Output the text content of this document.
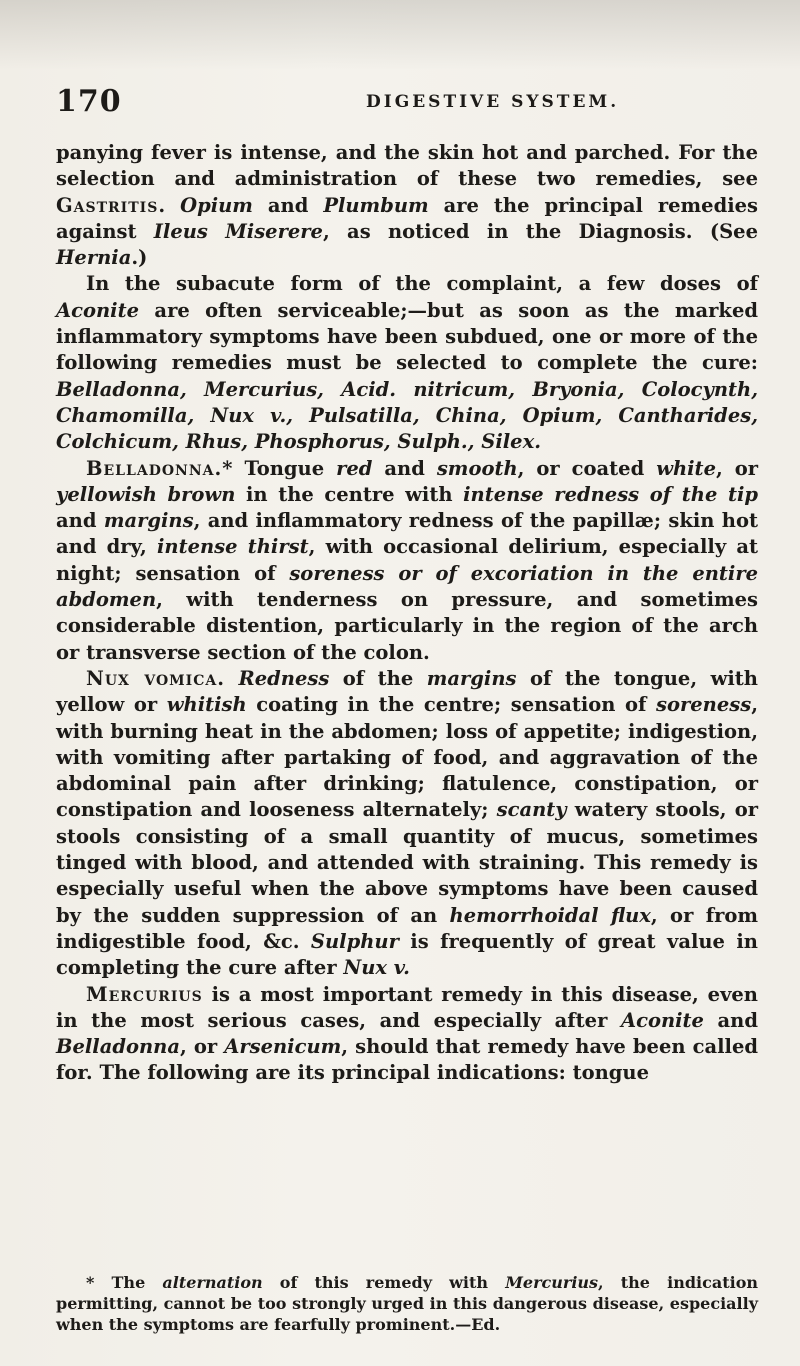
170	DIGESTIVE SYSTEM.

panying fever is intense, and the skin hot and parched. For the selection and administration of these two remedies, see Gastritis. Opium and Plumbum are the principal remedies against Ileus Miserere, as noticed in the Diagnosis. (See Hernia.)

In the subacute form of the complaint, a few doses of Aconite are often serviceable;—but as soon as the marked inflammatory symptoms have been subdued, one or more of the following remedies must be selected to complete the cure: Belladonna, Mercurius, Acid. nitricum, Bryonia, Colocynth, Chamomilla, Nux v., Pulsatilla, China, Opium, Cantharides, Colchicum, Rhus, Phosphorus, Sulph., Silex.

Belladonna.* Tongue red and smooth, or coated white, or yellowish brown in the centre with intense redness of the tip and margins, and inflammatory redness of the papillæ; skin hot and dry, intense thirst, with occasional delirium, especially at night; sensation of soreness or of excoriation in the entire abdomen, with tenderness on pressure, and sometimes considerable distention, particularly in the region of the arch or transverse section of the colon.

Nux vomica. Redness of the margins of the tongue, with yellow or whitish coating in the centre; sensation of soreness, with burning heat in the abdomen; loss of appetite; indigestion, with vomiting after partaking of food, and aggravation of the abdominal pain after drinking; flatulence, constipation, or constipation and looseness alternately; scanty watery stools, or stools consisting of a small quantity of mucus, sometimes tinged with blood, and attended with straining. This remedy is especially useful when the above symptoms have been caused by the sudden suppression of an hemorrhoidal flux, or from indigestible food, &c. Sulphur is frequently of great value in completing the cure after Nux v.

Mercurius is a most important remedy in this disease, even in the most serious cases, and especially after Aconite and Belladonna, or Arsenicum, should that remedy have been called for. The following are its principal indications: tongue

* The alternation of this remedy with Mercurius, the indication permitting, cannot be too strongly urged in this dangerous disease, especially when the symptoms are fearfully prominent.—Ed.
